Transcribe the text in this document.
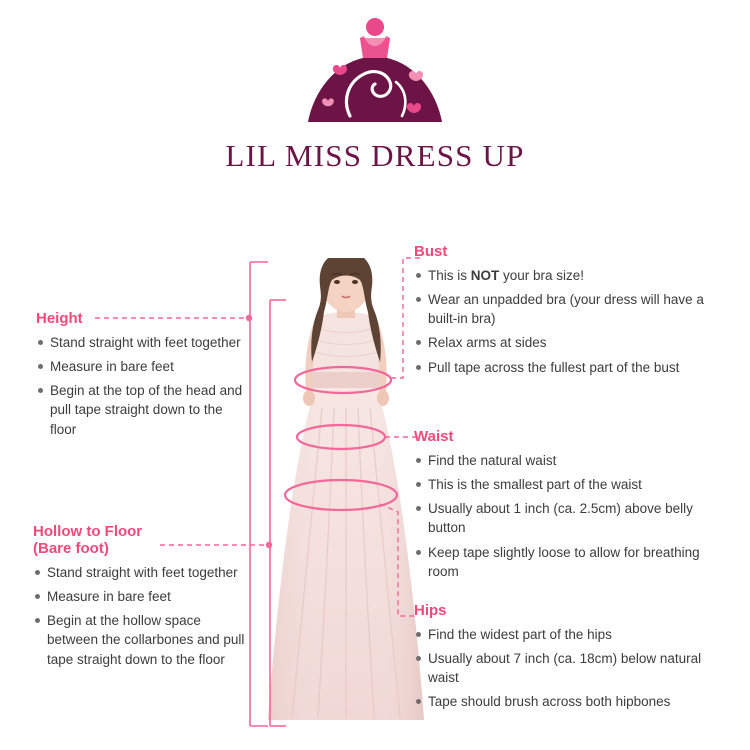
LIL MISS DRESS UP
Height
Stand straight with feet together
Measure in bare feet
Begin at the top of the head and pull tape straight down to the floor
Hollow to Floor
(Bare foot)
Stand straight with feet together
Measure in bare feet
Begin at the hollow space between the collarbones and pull tape straight down to the floor
Bust
This is NOT your bra size!
Wear an unpadded bra (your dress will have a built-in bra)
Relax arms at sides
Pull tape across the fullest part of the bust
Waist
Find the natural waist
This is the smallest part of the waist
Usually about 1 inch (ca. 2.5cm) above belly button
Keep tape slightly loose to allow for breathing room
Hips
Find the widest part of the hips
Usually about 7 inch (ca. 18cm) below natural waist
Tape should brush across both hipbones
